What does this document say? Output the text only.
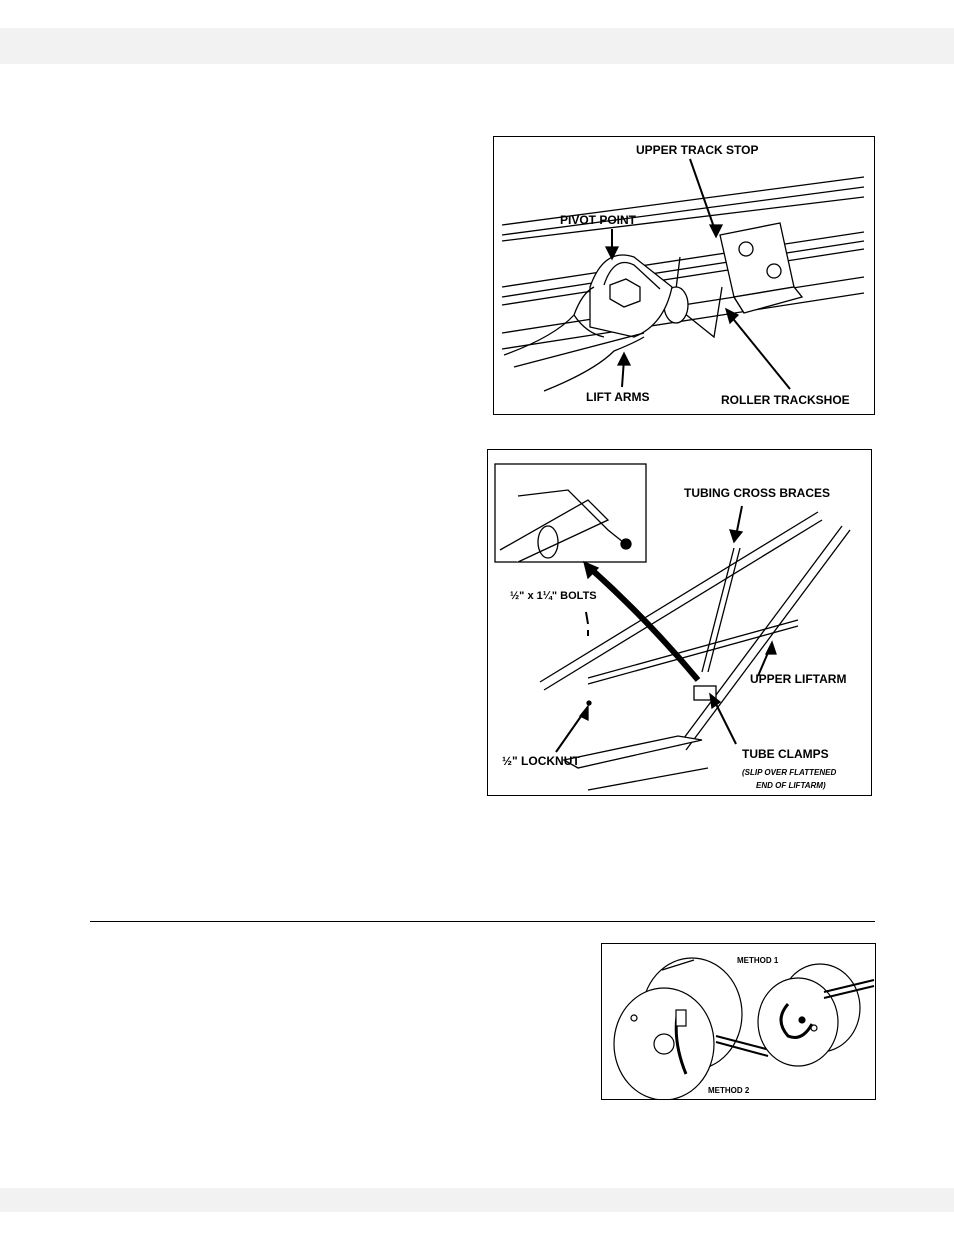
UPPER TRACK STOP
PIVOT POINT
LIFT ARMS	ROLLER TRACKSHOE
TUBING CROSS BRACES
½" x 1¼" BOLTS
UPPER LIFTARM
½" LOCKNUT	TUBE CLAMPS
(SLIP OVER FLATTENED
END OF LIFTARM)
METHOD 1
METHOD 2
